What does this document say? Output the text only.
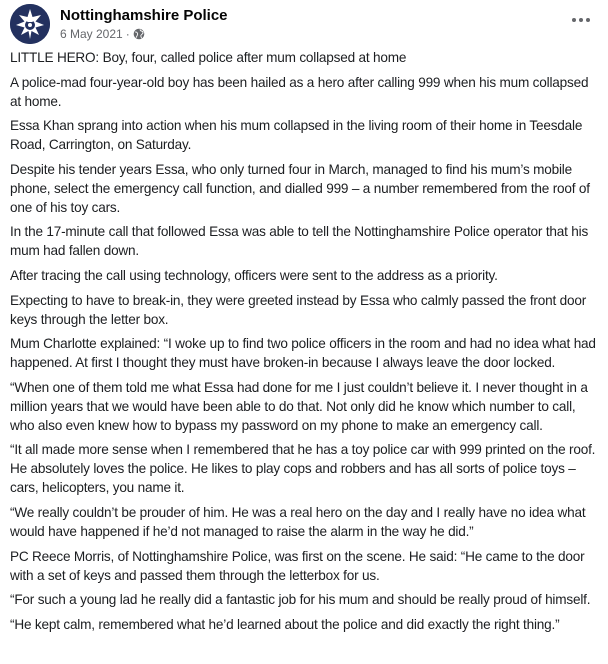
Nottinghamshire Police
6 May 2021 ·

LITTLE HERO: Boy, four, called police after mum collapsed at home

A police-mad four-year-old boy has been hailed as a hero after calling 999 when his mum collapsed at home.

Essa Khan sprang into action when his mum collapsed in the living room of their home in Teesdale Road, Carrington, on Saturday.

Despite his tender years Essa, who only turned four in March, managed to find his mum’s mobile phone, select the emergency call function, and dialled 999 – a number remembered from the roof of one of his toy cars.

In the 17-minute call that followed Essa was able to tell the Nottinghamshire Police operator that his mum had fallen down.

After tracing the call using technology, officers were sent to the address as a priority.

Expecting to have to break-in, they were greeted instead by Essa who calmly passed the front door keys through the letter box.

Mum Charlotte explained: “I woke up to find two police officers in the room and had no idea what had happened. At first I thought they must have broken-in because I always leave the door locked.

“When one of them told me what Essa had done for me I just couldn’t believe it. I never thought in a million years that we would have been able to do that. Not only did he know which number to call, who also even knew how to bypass my password on my phone to make an emergency call.

“It all made more sense when I remembered that he has a toy police car with 999 printed on the roof. He absolutely loves the police. He likes to play cops and robbers and has all sorts of police toys – cars, helicopters, you name it.

“We really couldn’t be prouder of him. He was a real hero on the day and I really have no idea what would have happened if he’d not managed to raise the alarm in the way he did.”

PC Reece Morris, of Nottinghamshire Police, was first on the scene. He said: “He came to the door with a set of keys and passed them through the letterbox for us.

“For such a young lad he really did a fantastic job for his mum and should be really proud of himself.

“He kept calm, remembered what he’d learned about the police and did exactly the right thing.”
